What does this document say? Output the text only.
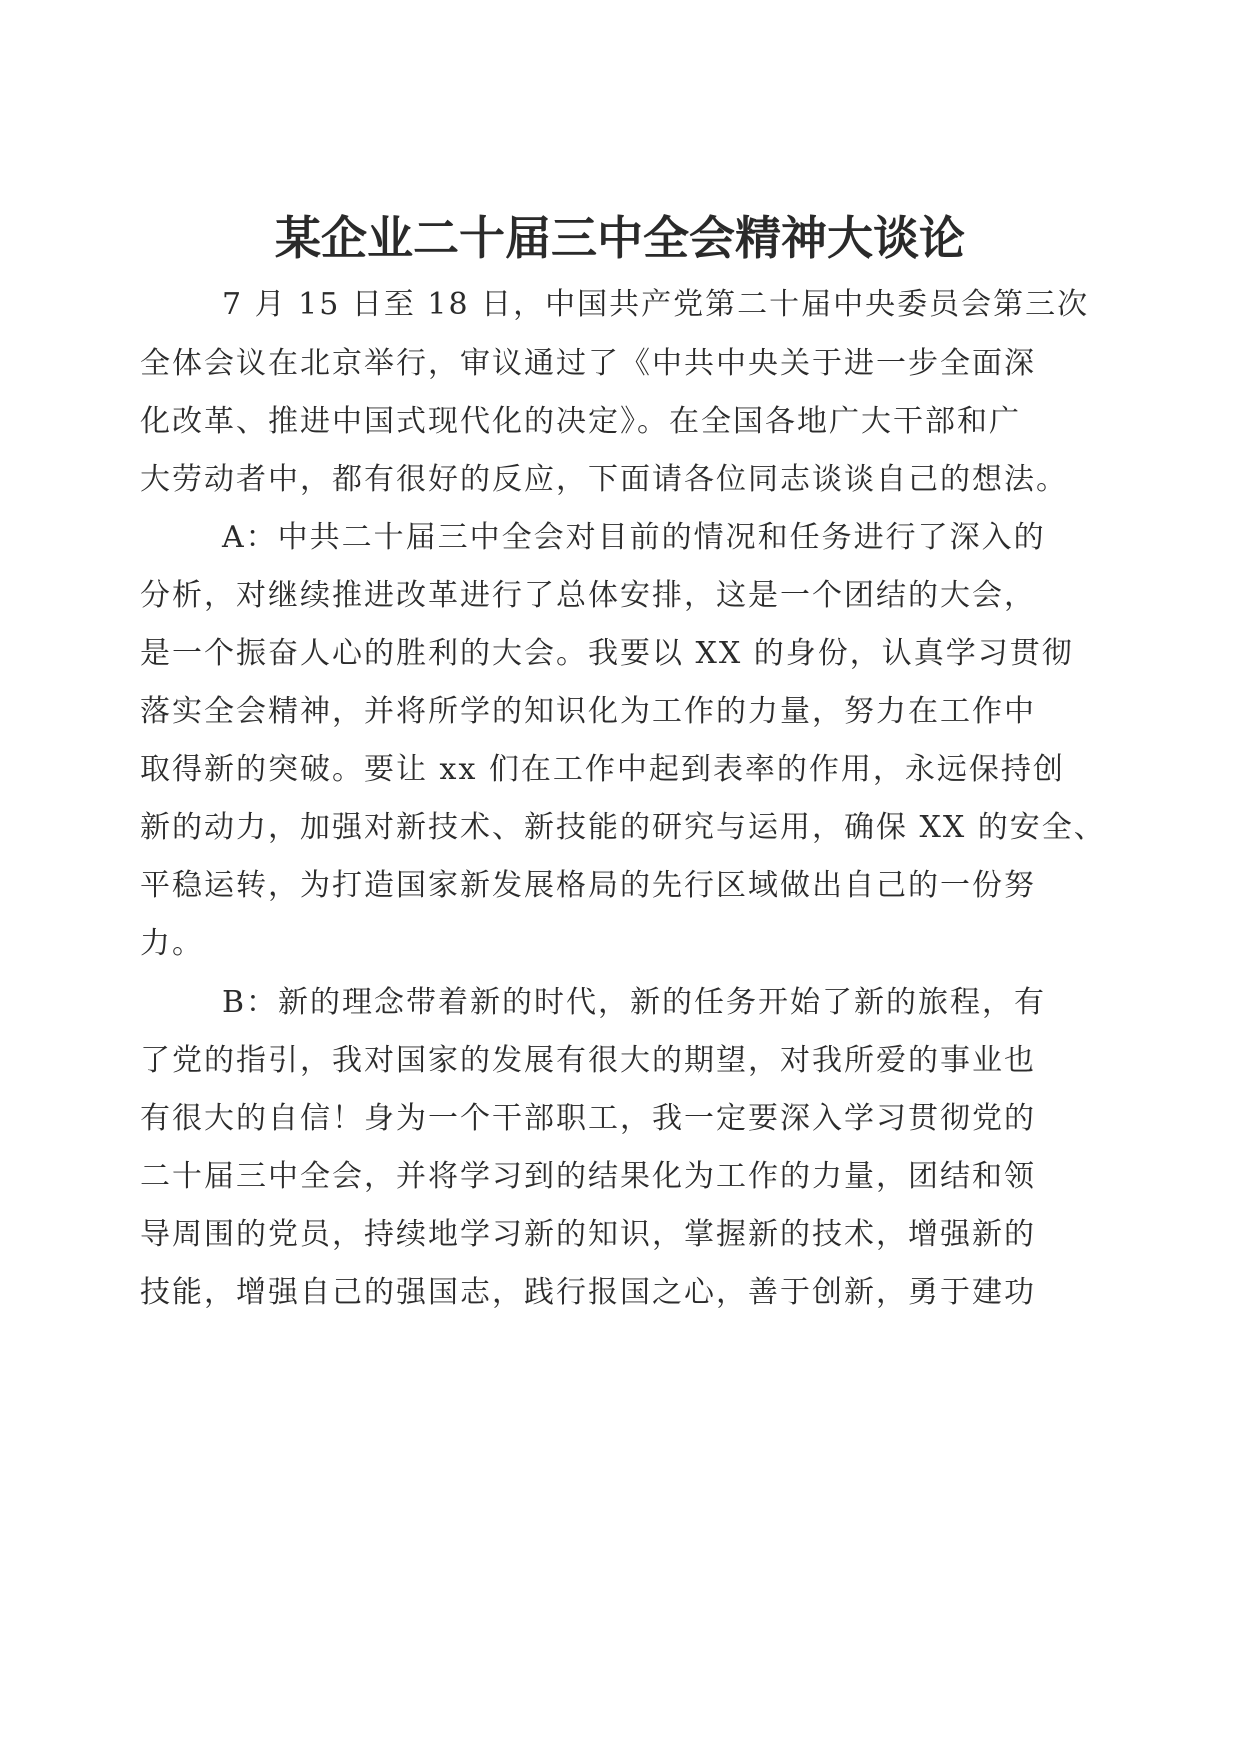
某企业二十届三中全会精神大谈论
7 月 15 日至 18 日，中国共产党第二十届中央委员会第三次
全体会议在北京举行，审议通过了《中共中央关于进一步全面深
化改革、推进中国式现代化的决定》。在全国各地广大干部和广
大劳动者中，都有很好的反应，下面请各位同志谈谈自己的想法。
A：中共二十届三中全会对目前的情况和任务进行了深入的
分析，对继续推进改革进行了总体安排，这是一个团结的大会，
是一个振奋人心的胜利的大会。我要以 XX 的身份，认真学习贯彻
落实全会精神，并将所学的知识化为工作的力量，努力在工作中
取得新的突破。要让 xx 们在工作中起到表率的作用，永远保持创
新的动力，加强对新技术、新技能的研究与运用，确保 XX 的安全、
平稳运转，为打造国家新发展格局的先行区域做出自己的一份努
力。
B：新的理念带着新的时代，新的任务开始了新的旅程，有
了党的指引，我对国家的发展有很大的期望，对我所爱的事业也
有很大的自信！身为一个干部职工，我一定要深入学习贯彻党的
二十届三中全会，并将学习到的结果化为工作的力量，团结和领
导周围的党员，持续地学习新的知识，掌握新的技术，增强新的
技能，增强自己的强国志，践行报国之心，善于创新，勇于建功
